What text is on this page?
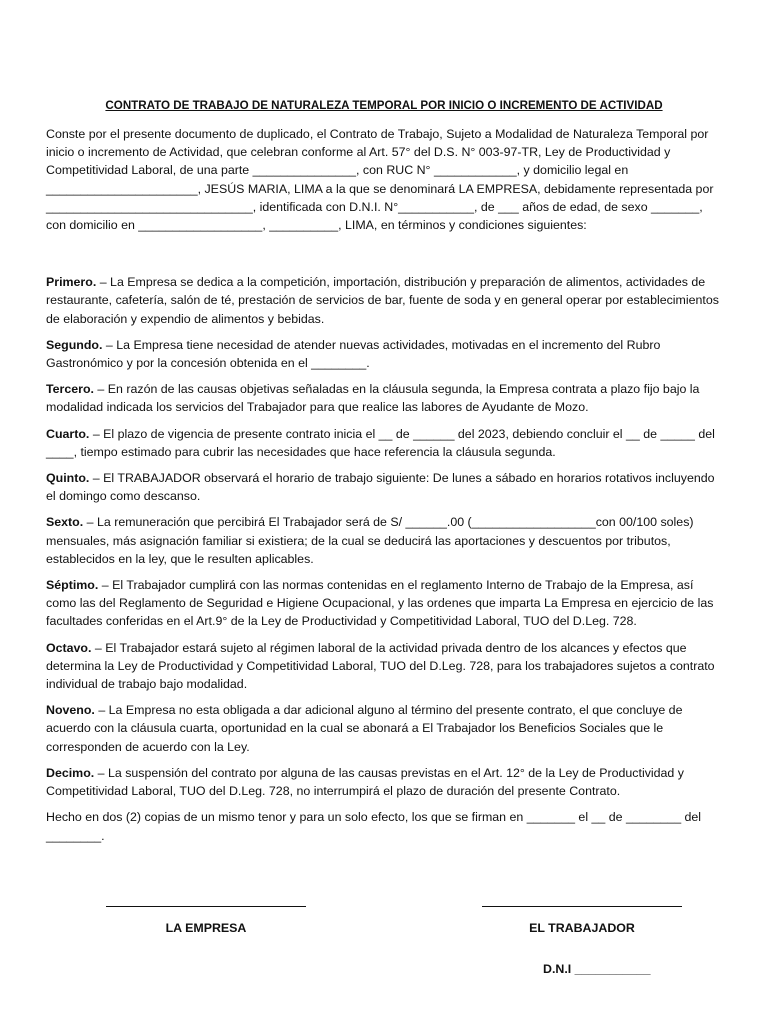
CONTRATO DE TRABAJO DE NATURALEZA TEMPORAL POR INICIO O INCREMENTO DE ACTIVIDAD

Conste por el presente documento de duplicado, el Contrato de Trabajo, Sujeto a Modalidad de Naturaleza Temporal por inicio o incremento de Actividad, que celebran conforme al Art. 57° del D.S. N° 003-97-TR, Ley de Productividad y Competitividad Laboral, de una parte _______________, con RUC N° ____________, y domicilio legal en ______________________, JESÚS MARIA, LIMA a la que se denominará LA EMPRESA, debidamente representada por ______________________________, identificada con D.N.I. N°___________, de ___ años de edad, de sexo _______, con domicilio en __________________, __________, LIMA, en términos y condiciones siguientes:

Primero. – La Empresa se dedica a la competición, importación, distribución y preparación de alimentos, actividades de restaurante, cafetería, salón de té, prestación de servicios de bar, fuente de soda y en general operar por establecimientos de elaboración y expendio de alimentos y bebidas.

Segundo. – La Empresa tiene necesidad de atender nuevas actividades, motivadas en el incremento del Rubro Gastronómico y por la concesión obtenida en el ________.

Tercero. – En razón de las causas objetivas señaladas en la cláusula segunda, la Empresa contrata a plazo fijo bajo la modalidad indicada los servicios del Trabajador para que realice las labores de Ayudante de Mozo.

Cuarto. – El plazo de vigencia de presente contrato inicia el __ de ______ del 2023, debiendo concluir el __ de _____ del ____, tiempo estimado para cubrir las necesidades que hace referencia la cláusula segunda.

Quinto. – El TRABAJADOR observará el horario de trabajo siguiente: De lunes a sábado en horarios rotativos incluyendo el domingo como descanso.

Sexto. – La remuneración que percibirá El Trabajador será de S/ ______.00 (__________________con 00/100 soles) mensuales, más asignación familiar si existiera; de la cual se deducirá las aportaciones y descuentos por tributos, establecidos en la ley, que le resulten aplicables.

Séptimo. – El Trabajador cumplirá con las normas contenidas en el reglamento Interno de Trabajo de la Empresa, así como las del Reglamento de Seguridad e Higiene Ocupacional, y las ordenes que imparta La Empresa en ejercicio de las facultades conferidas en el Art.9° de la Ley de Productividad y Competitividad Laboral, TUO del D.Leg. 728.

Octavo. – El Trabajador estará sujeto al régimen laboral de la actividad privada dentro de los alcances y efectos que determina la Ley de Productividad y Competitividad Laboral, TUO del D.Leg. 728, para los trabajadores sujetos a contrato individual de trabajo bajo modalidad.

Noveno. – La Empresa no esta obligada a dar adicional alguno al término del presente contrato, el que concluye de acuerdo con la cláusula cuarta, oportunidad en la cual se abonará a El Trabajador los Beneficios Sociales que le corresponden de acuerdo con la Ley.

Decimo. – La suspensión del contrato por alguna de las causas previstas en el Art. 12° de la Ley de Productividad y Competitividad Laboral, TUO del D.Leg. 728, no interrumpirá el plazo de duración del presente Contrato.

Hecho en dos (2) copias de un mismo tenor y para un solo efecto, los que se firman en _______ el __ de ________ del ________.

LA EMPRESA	EL TRABAJADOR
D.N.I ___________
